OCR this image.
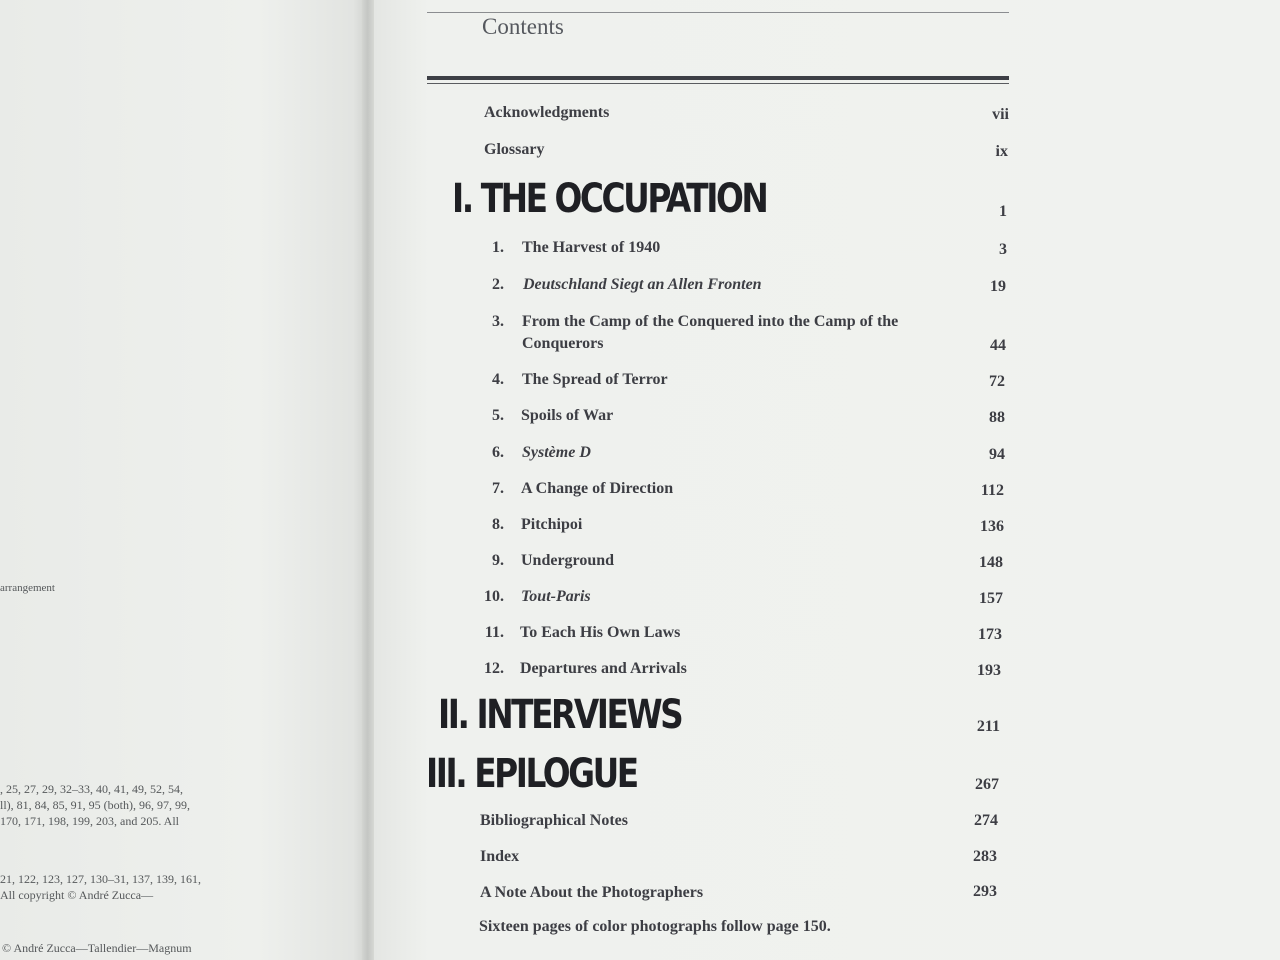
arrangement
, 25, 27, 29, 32–33, 40, 41, 49, 52, 54,
ll), 81, 84, 85, 91, 95 (both), 96, 97, 99,
170, 171, 198, 199, 203, and 205. All
21, 122, 123, 127, 130–31, 137, 139, 161,
All copyright © André Zucca—
© André Zucca—Tallendier—Magnum
Contents
Acknowledgments	vii
Glossary	ix
I. THE OCCUPATION	1
1. The Harvest of 1940	3
2. Deutschland Siegt an Allen Fronten	19
3. From the Camp of the Conquered into the Camp of the
Conquerors	44
4. The Spread of Terror	72
5. Spoils of War	88
6. Système D	94
7. A Change of Direction	112
8. Pitchipoi	136
9. Underground	148
10. Tout-Paris	157
11. To Each His Own Laws	173
12. Departures and Arrivals	193
II. INTERVIEWS	211
III. EPILOGUE	267
Bibliographical Notes	274
Index	283
A Note About the Photographers	293
Sixteen pages of color photographs follow page 150.
